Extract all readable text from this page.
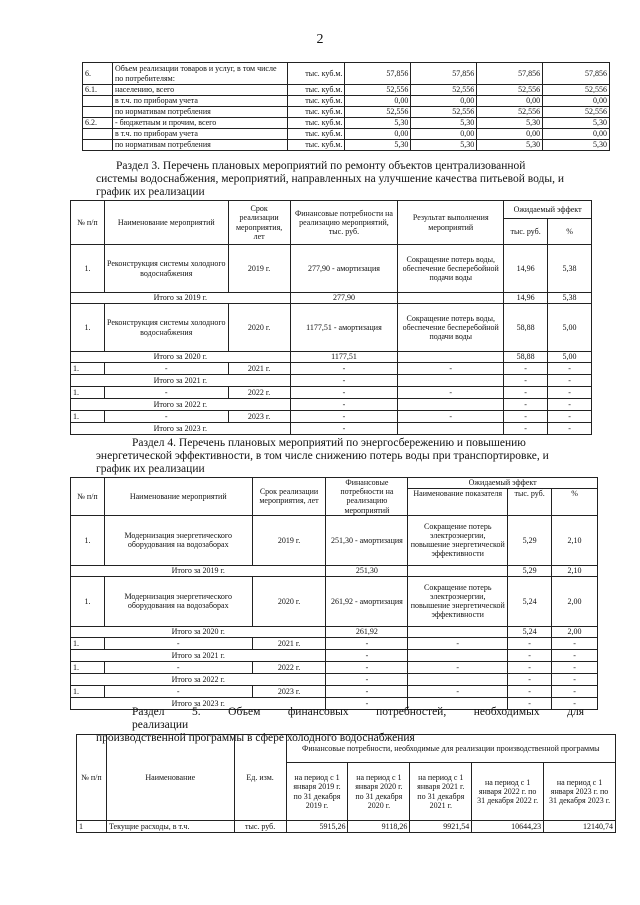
2
6.	Объем реализации товаров и услуг, в том числе по потребителям:	тыс. куб.м.	57,856	57,856	57,856	57,856
6.1.	населению, всего	тыс. куб.м.	52,556	52,556	52,556	52,556
	в т.ч. по приборам учета	тыс. куб.м.	0,00	0,00	0,00	0,00
	по нормативам потребления	тыс. куб.м.	52,556	52,556	52,556	52,556
6.2.	- бюджетным и прочим, всего	тыс. куб.м.	5,30	5,30	5,30	5,30
	в т.ч. по приборам учета	тыс. куб.м.	0,00	0,00	0,00	0,00
	по нормативам потребления	тыс. куб.м.	5,30	5,30	5,30	5,30
Раздел 3. Перечень плановых мероприятий по ремонту объектов централизованной
системы водоснабжения, мероприятий, направленных на улучшение качества питьевой воды, и
график их реализации
№ п/п	Наименование мероприятий	Срок реализации мероприятия, лет	Финансовые потребности на реализацию мероприятий, тыс. руб.	Результат выполнения мероприятий	Ожидаемый эффект	
					тыс. руб.	%
1.	Реконструкция системы холодного водоснабжения	2019 г.	277,90 - амортизация	Сокращение потерь воды, обеспечение бесперебойной подачи воды	14,96	5,38
Итого за 2019 г.			277,90		14,96	5,38
1.	Реконструкция системы холодного водоснабжения	2020 г.	1177,51 - амортизация	Сокращение потерь воды, обеспечение бесперебойной подачи воды	58,88	5,00
Итого за 2020 г.			1177,51		58,88	5,00
1.	-	2021 г.	-	-	-	-
Итого за 2021 г.			-		-	-
1.	-	2022 г.	-	-	-	-
Итого за 2022 г.			-		-	-
1.	-	2023 г.	-	-	-	-
Итого за 2023 г.			-		-	-
Раздел 4. Перечень плановых мероприятий по энергосбережению и повышению
энергетической эффективности, в том числе снижению потерь воды при транспортировке, и
график их реализации
№ п/п	Наименование мероприятий	Срок реализации мероприятия, лет	Финансовые потребности на реализацию мероприятий	Ожидаемый эффект		
				Наименование показателя	тыс. руб.	%
1.	Модернизация энергетического оборудования на водозаборах	2019 г.	251,30 - амортизация	Сокращение потерь электроэнергии, повышение энергетической эффективности	5,29	2,10
Итого за 2019 г.			251,30		5,29	2,10
1.	Модернизация энергетического оборудования на водозаборах	2020 г.	261,92 - амортизация	Сокращение потерь электроэнергии, повышение энергетической эффективности	5,24	2,00
Итого за 2020 г.			261,92		5,24	2,00
1.	-	2021 г.	-	-	-	-
Итого за 2021 г.			-		-	-
1.	-	2022 г.	-	-	-	-
Итого за 2022 г.			-		-	-
1.	-	2023 г.	-	-	-	-
Итого за 2023 г.			-		-	-
Раздел 5. Объем финансовых потребностей, необходимых для реализации
производственной программы в сфере холодного водоснабжения
№ п/п	Наименование	Ед. изм.	Финансовые потребности, необходимые для реализации производственной программы				
			на период с 1 января 2019 г. по 31 декабря 2019 г.	на период с 1 января 2020 г. по 31 декабря 2020 г.	на период с 1 января 2021 г. по 31 декабря 2021 г.	на период с 1 января 2022 г. по 31 декабря 2022 г.	на период с 1 января 2023 г. по 31 декабря 2023 г.
1	Текущие расходы, в т.ч.	тыс. руб.	5915,26	9118,26	9921,54	10644,23	12140,74
